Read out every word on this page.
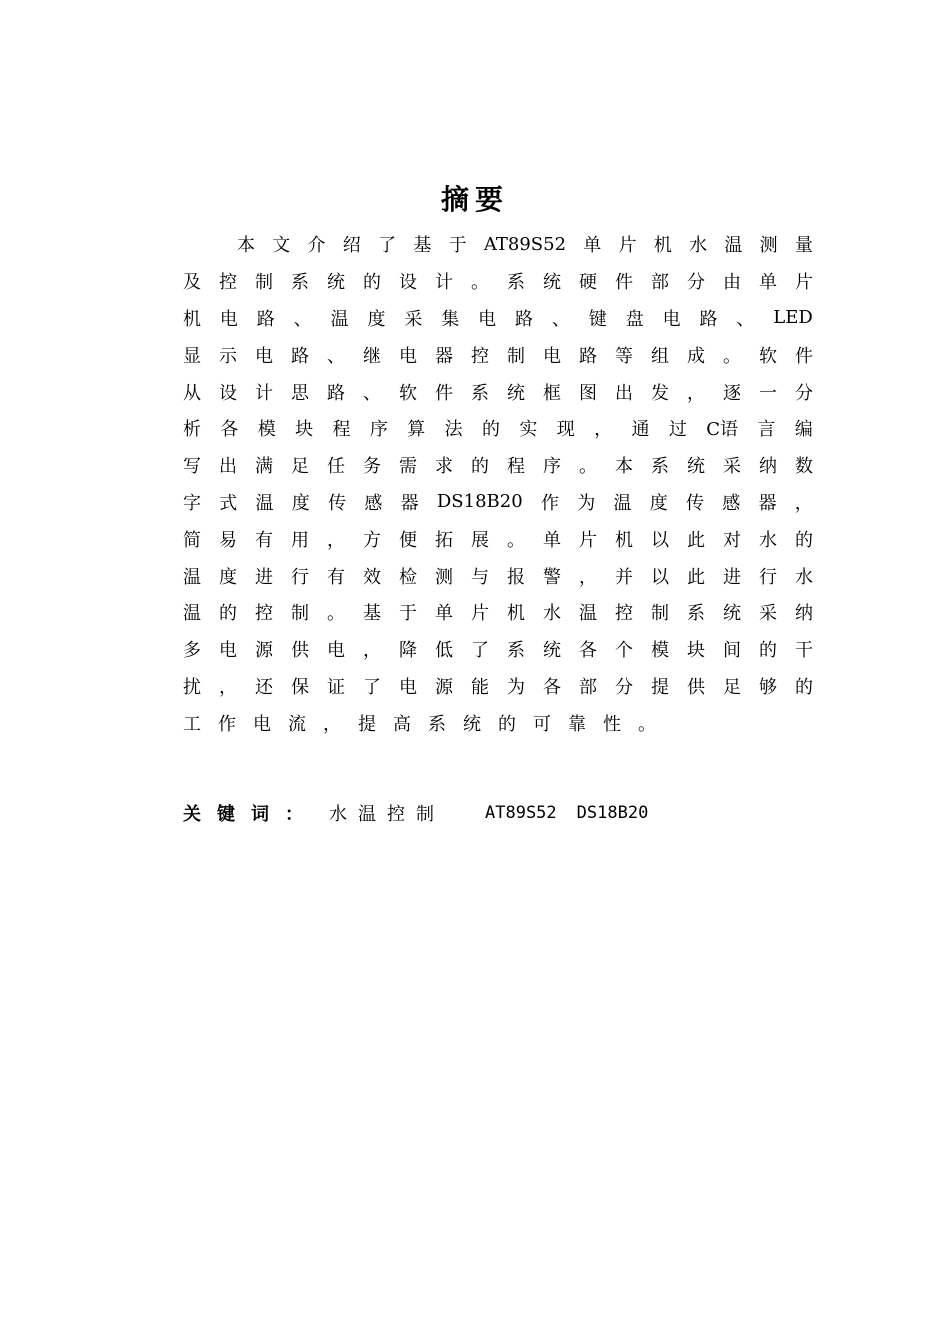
摘要
本 文 介 绍 了 基 于 AT89S52 单 片 机 水 温 测 量
及 控 制 系 统 的 设 计 。 系 统 硬 件 部 分 由 单 片
机 电 路 、 温 度 采 集 电 路 、 键 盘 电 路 、 LED
显 示 电 路 、 继 电 器 控 制 电 路 等 组 成 。 软 件
从 设 计 思 路 、 软 件 系 统 框 图 出 发 ， 逐 一 分
析 各 模 块 程 序 算 法 的 实 现 ， 通 过 C语 言 编
写 出 满 足 任 务 需 求 的 程 序 。 本 系 统 采 纳 数
字 式 温 度 传 感 器 DS18B20 作 为 温 度 传 感 器 ，
简 易 有 用 ， 方 便 拓 展 。 单 片 机 以 此 对 水 的
温 度 进 行 有 效 检 测 与 报 警 ， 并 以 此 进 行 水
温 的 控 制 。 基 于 单 片 机 水 温 控 制 系 统 采 纳
多 电 源 供 电 ， 降 低 了 系 统 各 个 模 块 间 的 干
扰 ， 还 保 证 了 电 源 能 为 各 部 分 提 供 足 够 的
工 作 电 流 ， 提 高 系 统 的 可 靠 性 。
关键词： 水温控制 AT89S52 DS18B20
